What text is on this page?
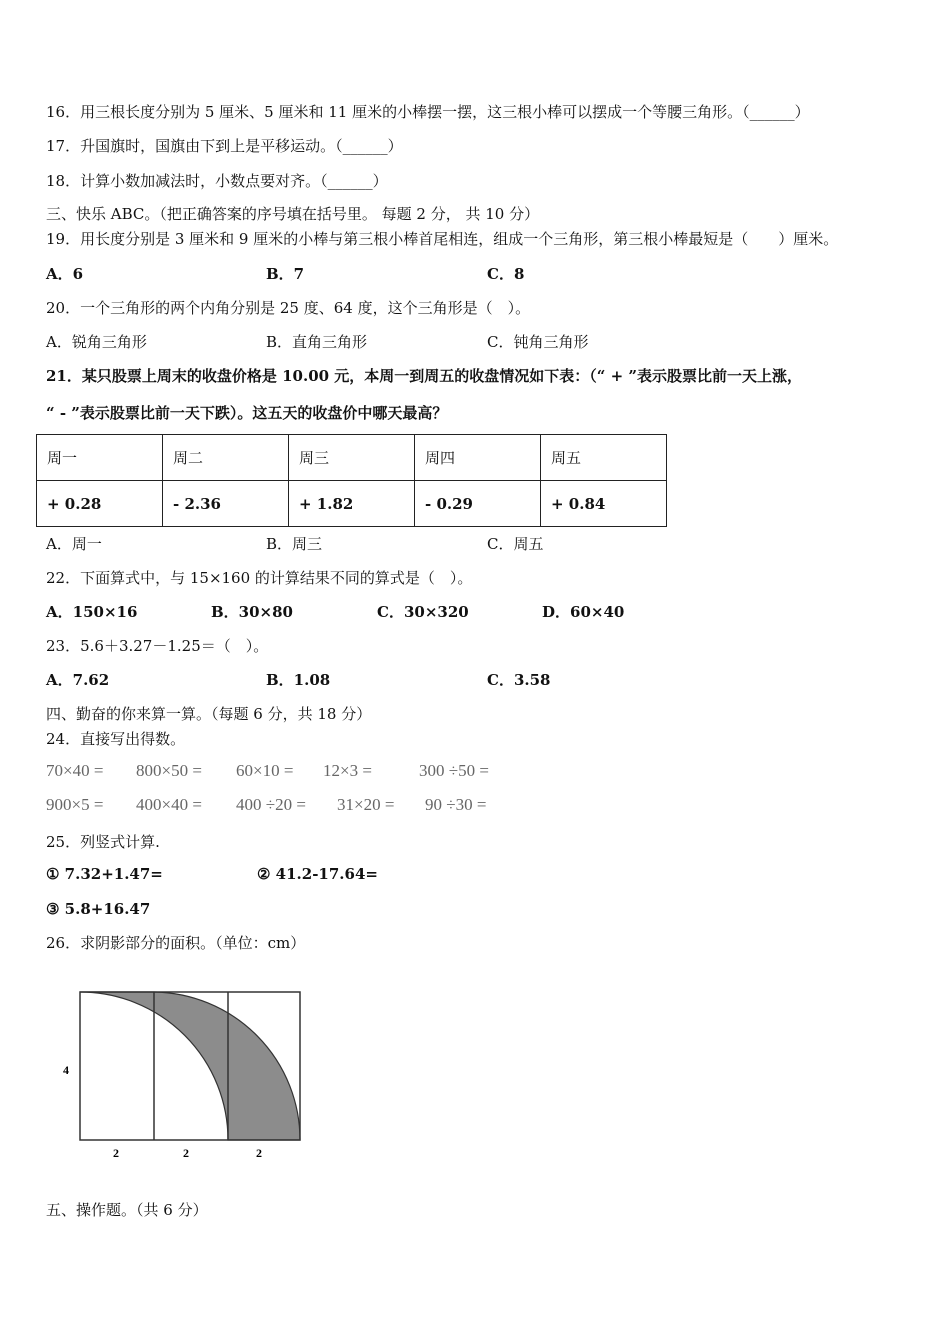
16．用三根长度分别为 5 厘米、5 厘米和 11 厘米的小棒摆一摆，这三根小棒可以摆成一个等腰三角形。（______）
17．升国旗时，国旗由下到上是平移运动。（______）
18．计算小数加减法时，小数点要对齐。（______）
三、快乐 ABC。（把正确答案的序号填在括号里。 每题 2 分， 共 10 分）
19．用长度分别是 3 厘米和 9 厘米的小棒与第三根小棒首尾相连，组成一个三角形，第三根小棒最短是（　　）厘米。
A．6	B．7	C．8
20．一个三角形的两个内角分别是 25 度、64 度，这个三角形是（　）。
A．锐角三角形	B．直角三角形	C．钝角三角形
21．某只股票上周末的收盘价格是 10.00 元，本周一到周五的收盘情况如下表：（“ + ”表示股票比前一天上涨，
“ - ”表示股票比前一天下跌）。这五天的收盘价中哪天最高？
周一	周二	周三	周四	周五
+ 0.28	- 2.36	+ 1.82	- 0.29	+ 0.84
A．周一	B．周三	C．周五
22．下面算式中，与 15×160 的计算结果不同的算式是（　）。
A．150×16	B．30×80	C．30×320	D．60×40
23．5.6＋3.27－1.25＝（　）。
A．7.62	B．1.08	C．3.58
四、勤奋的你来算一算。（每题 6 分，共 18 分）
24．直接写出得数。
70×40 = 800×50 = 60×10 = 12×3 =	300 ÷50 =
900×5 = 400×40 = 400 ÷20 = 31×20 = 90 ÷30 =
25．列竖式计算.
① 7.32+1.47=	② 41.2-17.64=
③ 5.8+16.47
26．求阴影部分的面积。（单位：cm）
4
2	2	2
五、操作题。（共 6 分）
